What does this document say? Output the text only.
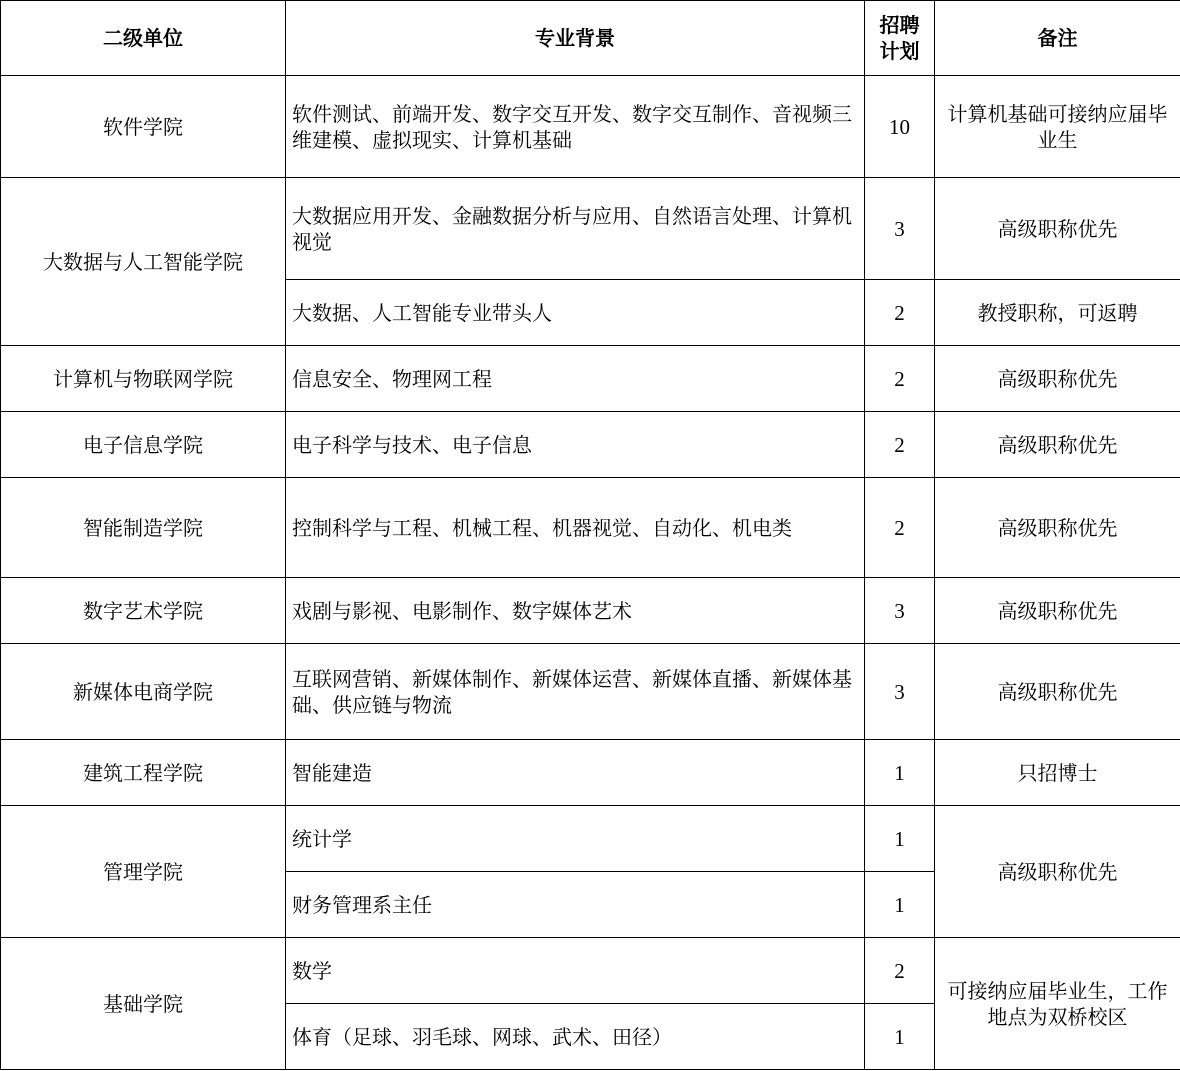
二级单位	专业背景	招聘计划	备注
软件学院	软件测试、前端开发、数字交互开发、数字交互制作、音视频三维建模、虚拟现实、计算机基础	10	计算机基础可接纳应届毕业生
大数据与人工智能学院	大数据应用开发、金融数据分析与应用、自然语言处理、计算机视觉	3	高级职称优先
	大数据、人工智能专业带头人	2	教授职称，可返聘
计算机与物联网学院	信息安全、物理网工程	2	高级职称优先
电子信息学院	电子科学与技术、电子信息	2	高级职称优先
智能制造学院	控制科学与工程、机械工程、机器视觉、自动化、机电类	2	高级职称优先
数字艺术学院	戏剧与影视、电影制作、数字媒体艺术	3	高级职称优先
新媒体电商学院	互联网营销、新媒体制作、新媒体运营、新媒体直播、新媒体基础、供应链与物流	3	高级职称优先
建筑工程学院	智能建造	1	只招博士
管理学院	统计学	1	高级职称优先
	财务管理系主任	1	
基础学院	数学	2	可接纳应届毕业生，工作地点为双桥校区
	体育（足球、羽毛球、网球、武术、田径）	1	
